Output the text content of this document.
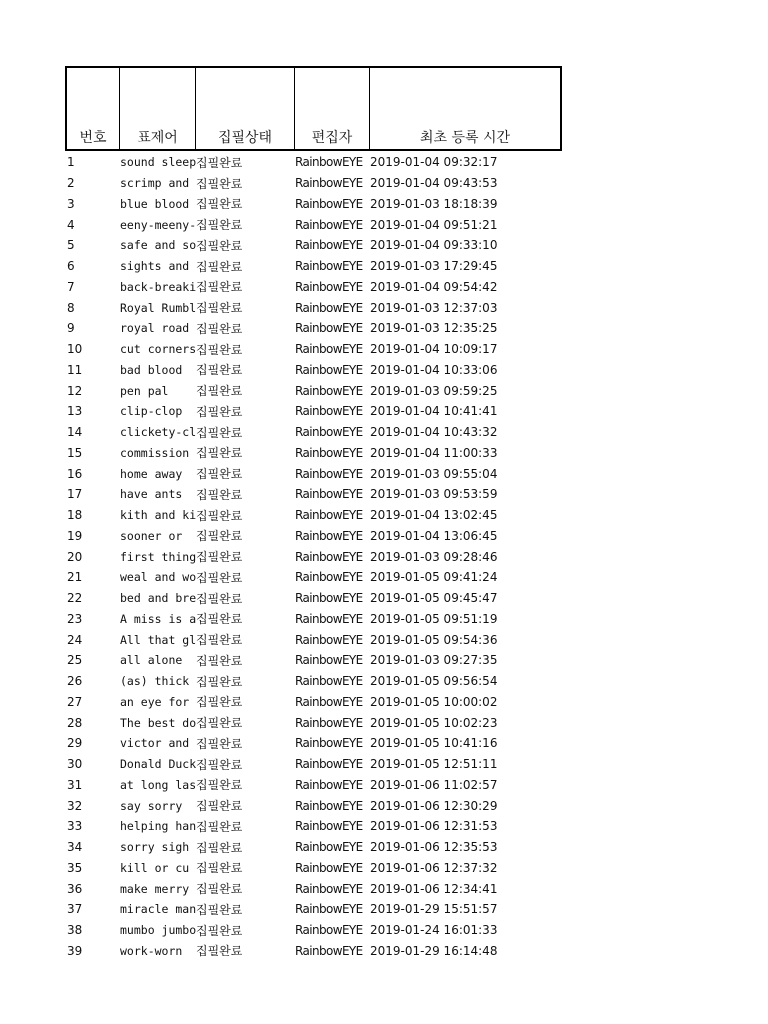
번호	표제어	집필상태	편집자	최초 등록 시간
1	sound sleep 집필완료	RainbowEYE 2019-01-04 09:32:17
2	scrimp and 집필완료	RainbowEYE 2019-01-04 09:43:53
3	blue blood 집필완료	RainbowEYE 2019-01-03 18:18:39
4	eeny-meeny- 집필완료	RainbowEYE 2019-01-04 09:51:21
5	safe and so 집필완료	RainbowEYE 2019-01-04 09:33:10
6	sights and 집필완료	RainbowEYE 2019-01-03 17:29:45
7	back-breaki 집필완료	RainbowEYE 2019-01-04 09:54:42
8	Royal Rumbl 집필완료	RainbowEYE 2019-01-03 12:37:03
9	royal road 집필완료	RainbowEYE 2019-01-03 12:35:25
10	cut corners 집필완료	RainbowEYE 2019-01-04 10:09:17
11	bad blood	집필완료	RainbowEYE 2019-01-04 10:33:06
12	pen pal	집필완료	RainbowEYE 2019-01-03 09:59:25
13	clip-clop	집필완료	RainbowEYE 2019-01-04 10:41:41
14	clickety-cl 집필완료	RainbowEYE 2019-01-04 10:43:32
15	commission 집필완료	RainbowEYE 2019-01-04 11:00:33
16	home away	집필완료	RainbowEYE 2019-01-03 09:55:04
17	have ants	집필완료	RainbowEYE 2019-01-03 09:53:59
18	kith and ki 집필완료	RainbowEYE 2019-01-04 13:02:45
19	sooner or	집필완료	RainbowEYE 2019-01-04 13:06:45
20	first thing 집필완료	RainbowEYE 2019-01-03 09:28:46
21	weal and wo 집필완료	RainbowEYE 2019-01-05 09:41:24
22	bed and bre 집필완료	RainbowEYE 2019-01-05 09:45:47
23	A miss is a 집필완료	RainbowEYE 2019-01-05 09:51:19
24	All that gl 집필완료	RainbowEYE 2019-01-05 09:54:36
25	all alone	집필완료	RainbowEYE 2019-01-03 09:27:35
26	(as) thick 집필완료	RainbowEYE 2019-01-05 09:56:54
27	an eye for 집필완료	RainbowEYE 2019-01-05 10:00:02
28	The best do 집필완료	RainbowEYE 2019-01-05 10:02:23
29	victor and 집필완료	RainbowEYE 2019-01-05 10:41:16
30	Donald Duck 집필완료	RainbowEYE 2019-01-05 12:51:11
31	at long las 집필완료	RainbowEYE 2019-01-06 11:02:57
32	say sorry	집필완료	RainbowEYE 2019-01-06 12:30:29
33	helping han 집필완료	RainbowEYE 2019-01-06 12:31:53
34	sorry sigh 집필완료	RainbowEYE 2019-01-06 12:35:53
35	kill or cu 집필완료	RainbowEYE 2019-01-06 12:37:32
36	make merry 집필완료	RainbowEYE 2019-01-06 12:34:41
37	miracle man 집필완료	RainbowEYE 2019-01-29 15:51:57
38	mumbo jumbo 집필완료	RainbowEYE 2019-01-24 16:01:33
39	work-worn	집필완료	RainbowEYE 2019-01-29 16:14:48
